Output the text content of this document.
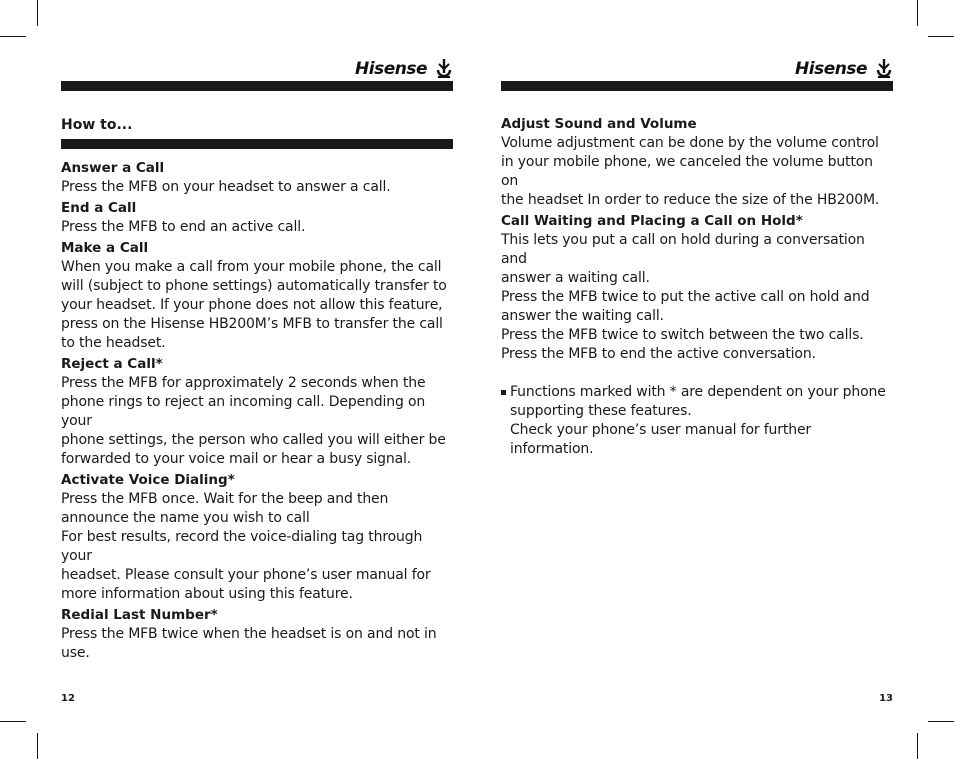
Hisense
How to...

Answer a Call

Press the MFB on your headset to answer a call.

End a Call

Press the MFB to end an active call.

Make a Call

When you make a call from your mobile phone, the call

will (subject to phone settings) automatically transfer to

your headset. If your phone does not allow this feature,

press on the Hisense HB200M’s MFB to transfer the call

to the headset.

Reject a Call*

Press the MFB for approximately 2 seconds when the

phone rings to reject an incoming call. Depending on your

phone settings, the person who called you will either be

forwarded to your voice mail or hear a busy signal.

Activate Voice Dialing*

Press the MFB once. Wait for the beep and then

announce the name you wish to call

For best results, record the voice-dialing tag through your

headset. Please consult your phone’s user manual for

more information about using this feature.

Redial Last Number*

Press the MFB twice when the headset is on and not in use.

12
Hisense

Adjust Sound and Volume

Volume adjustment can be done by the volume control

in your mobile phone, we canceled the volume button on

the headset In order to reduce the size of the HB200M.

Call Waiting and Placing a Call on Hold*

This lets you put a call on hold during a conversation and

answer a waiting call.

Press the MFB twice to put the active call on hold and

answer the waiting call.

Press the MFB twice to switch between the two calls.

Press the MFB to end the active conversation.

Functions marked with * are dependent on your phone

supporting these features.

Check your phone’s user manual for further information.

13
